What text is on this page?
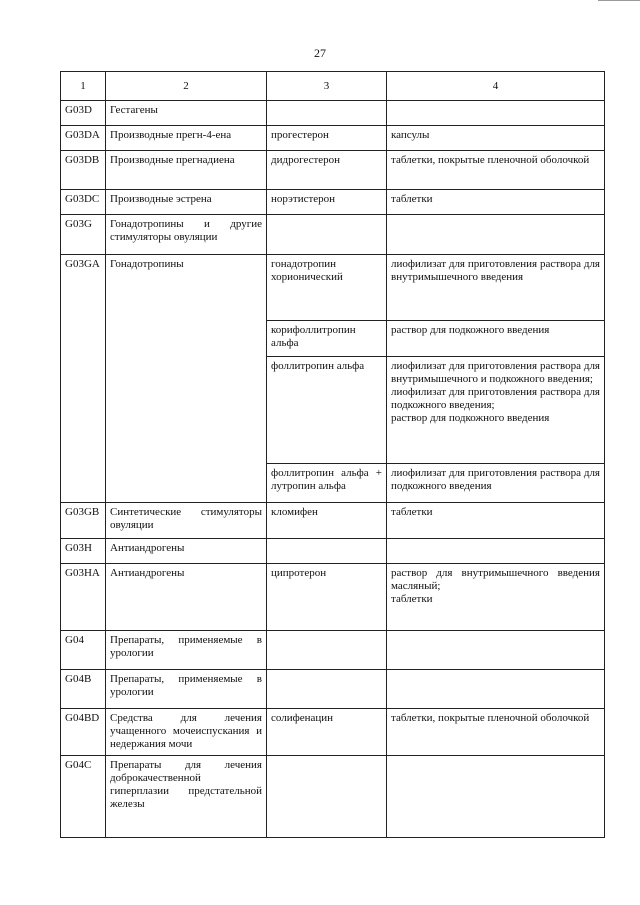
27
1	2	3	4
G03D	Гестагены		
G03DA	Производные прегн-4-ена	прогестерон	капсулы
G03DB	Производные прегнадиена	дидрогестерон	таблетки, покрытые пленочной оболочкой
G03DC	Производные эстрена	норэтистерон	таблетки
G03G	Гонадотропины и другие стимуляторы овуляции		
G03GA	Гонадотропины	гонадотропин хорионический	лиофилизат для приготовления раствора для внутримышечного введения
		корифоллитропин альфа	раствор для подкожного введения
		фоллитропин альфа	лиофилизат для приготовления раствора для внутримышечного и подкожного введения;
лиофилизат для приготовления раствора для подкожного введения;
раствор для подкожного введения

		фоллитропин альфа + лутропин альфа	лиофилизат для приготовления раствора для подкожного введения
G03GB	Синтетические стимуляторы овуляции	кломифен	таблетки
G03H	Антиандрогены		
G03HA	Антиандрогены	ципротерон	раствор для внутримышечного введения масляный;
таблетки

G04	Препараты, применяемые в урологии		
G04B	Препараты, применяемые в урологии		
G04BD	Средства для лечения учащенного мочеиспускания и недержания мочи	солифенацин	таблетки, покрытые пленочной оболочкой
G04C	Препараты для лечения доброкачественной гиперплазии предстательной железы		
